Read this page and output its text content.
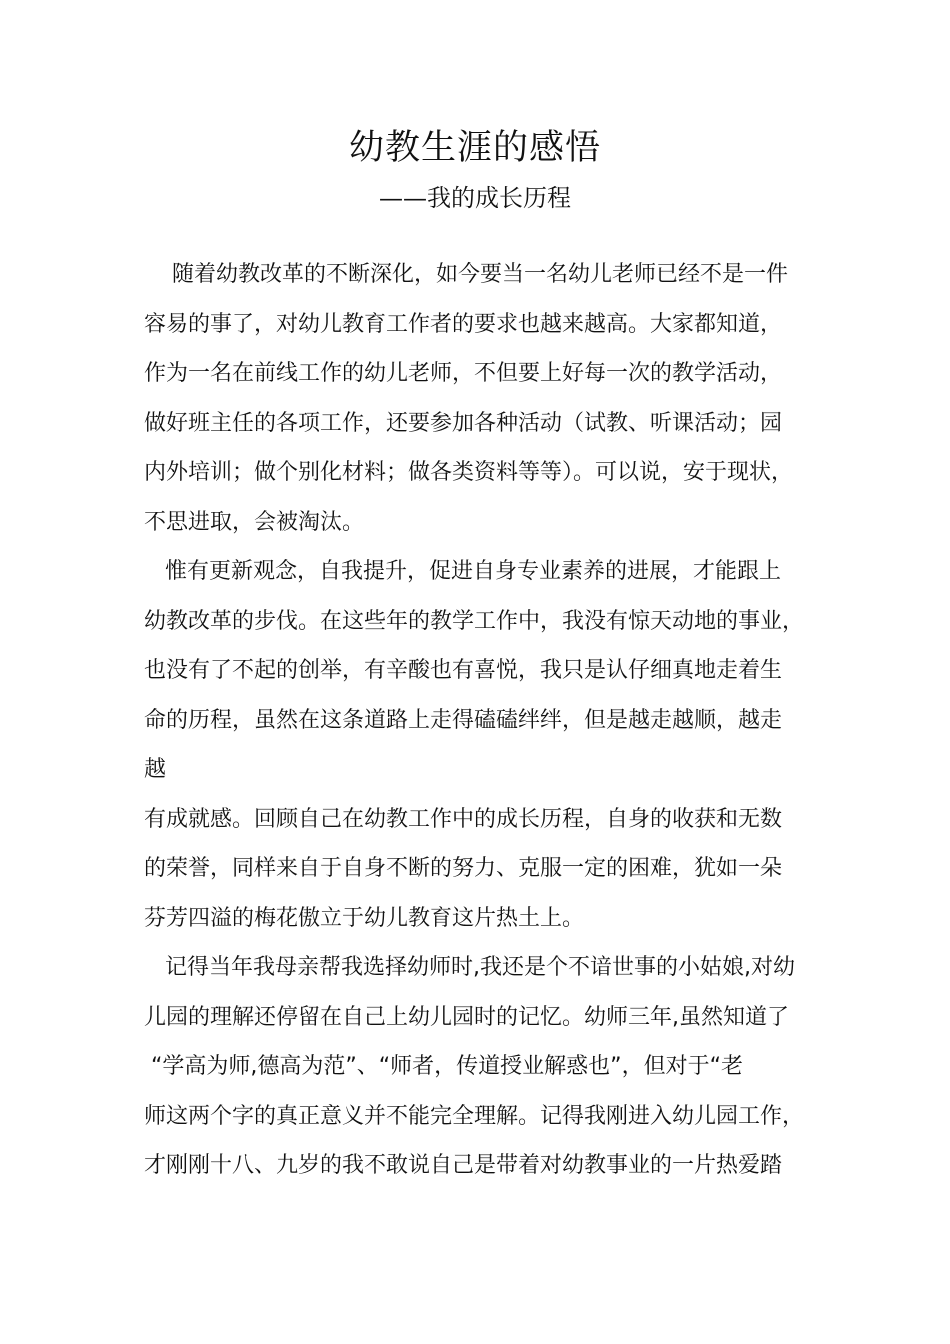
幼教生涯的感悟
——我的成长历程
随着幼教改革的不断深化，如今要当一名幼儿老师已经不是一件
容易的事了，对幼儿教育工作者的要求也越来越高。大家都知道，
作为一名在前线工作的幼儿老师，不但要上好每一次的教学活动，
做好班主任的各项工作，还要参加各种活动（试教、听课活动；园
内外培训；做个别化材料；做各类资料等等）。可以说，安于现状，
不思进取，会被淘汰。
惟有更新观念，自我提升，促进自身专业素养的进展，才能跟上
幼教改革的步伐。在这些年的教学工作中，我没有惊天动地的事业，
也没有了不起的创举，有辛酸也有喜悦，我只是认仔细真地走着生
命的历程，虽然在这条道路上走得磕磕绊绊，但是越走越顺，越走
越
有成就感。回顾自己在幼教工作中的成长历程，自身的收获和无数
的荣誉，同样来自于自身不断的努力、克服一定的困难，犹如一朵
芬芳四溢的梅花傲立于幼儿教育这片热土上。
记得当年我母亲帮我选择幼师时,我还是个不谙世事的小姑娘,对幼
儿园的理解还停留在自己上幼儿园时的记忆。幼师三年,虽然知道了
“学高为师,德高为范”、“师者，传道授业解惑也”，但对于“老
师这两个字的真正意义并不能完全理解。记得我刚进入幼儿园工作，
才刚刚十八、九岁的我不敢说自己是带着对幼教事业的一片热爱踏
